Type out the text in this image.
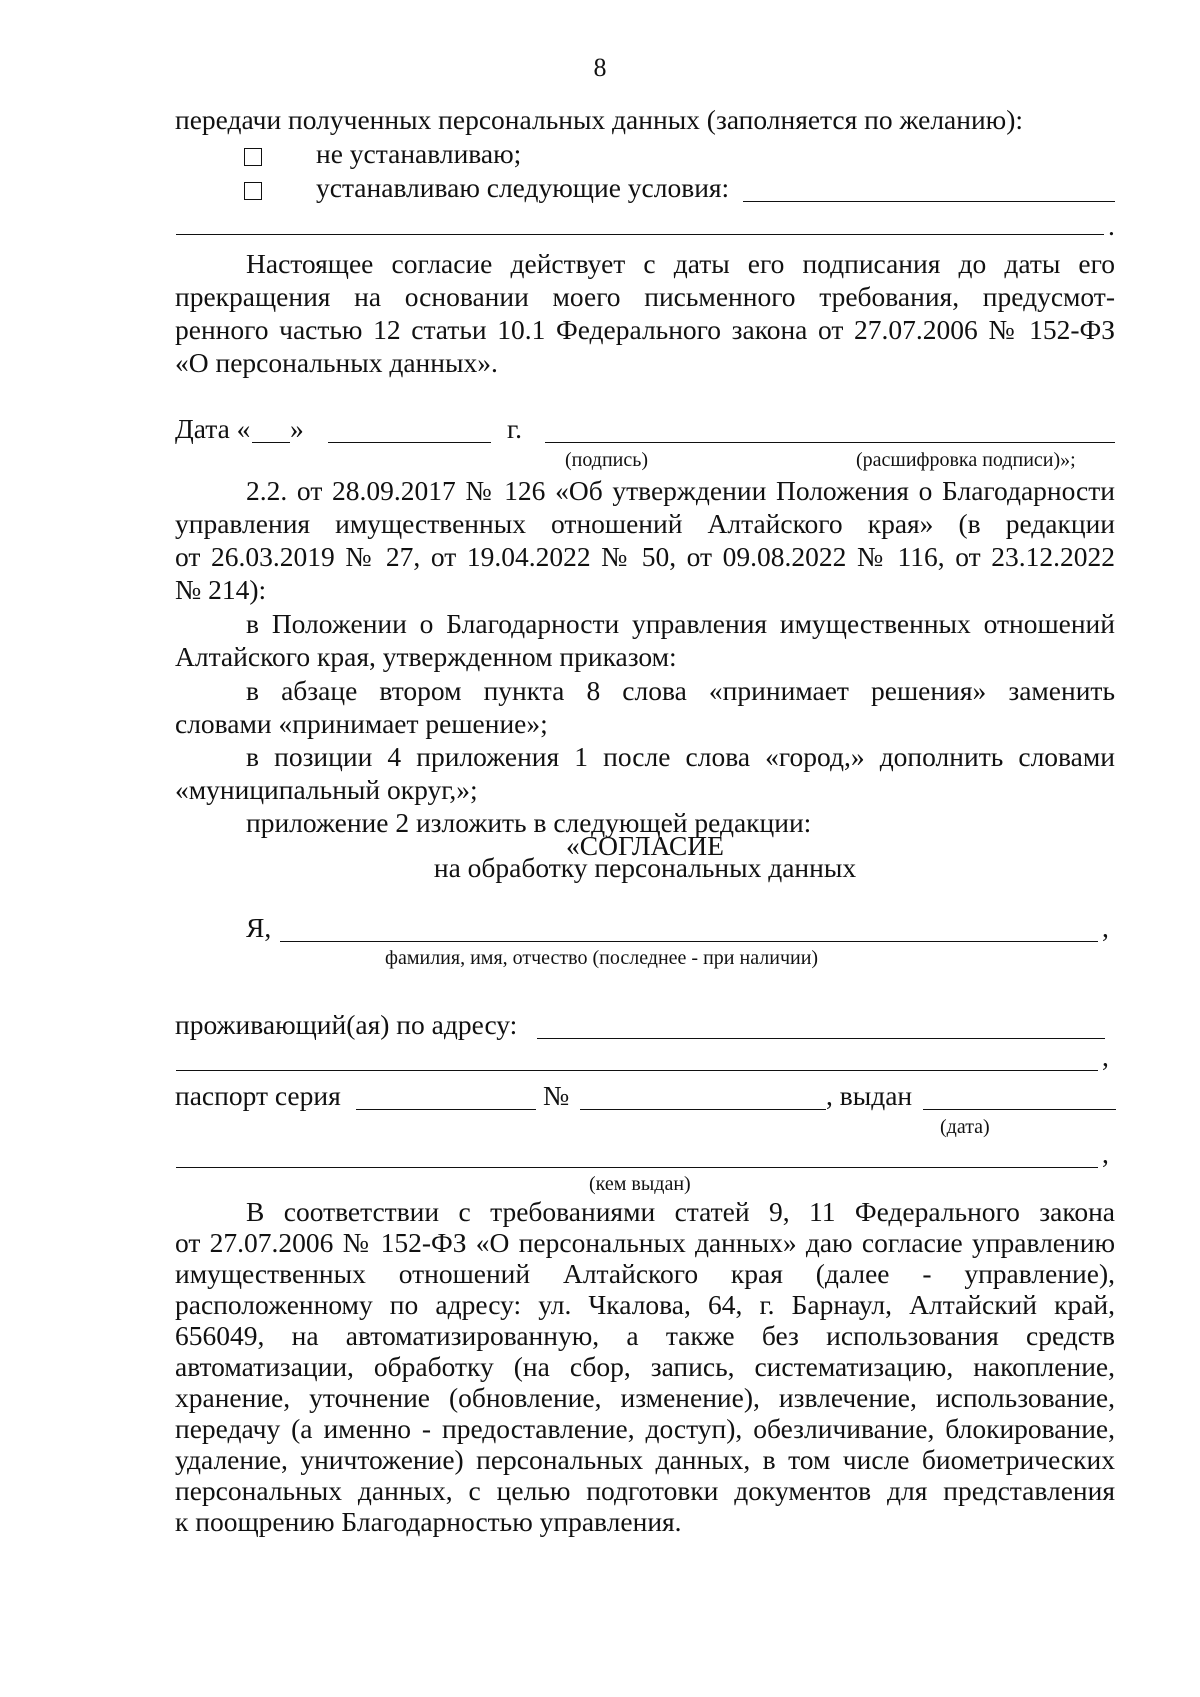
8
передачи полученных персональных данных (заполняется по желанию):
не устанавливаю;
устанавливаю следующие условия:
.
Настоящее согласие действует с даты его подписания до даты его
прекращения на основании моего письменного требования, предусмот-
ренного частью 12 статьи 10.1 Федерального закона от 27.07.2006 № 152-ФЗ
«О персональных данных».
Дата « »	г.
(подпись)	(расшифровка подписи)»;
2.2. от 28.09.2017 № 126 «Об утверждении Положения о Благодарности
управления имущественных отношений Алтайского края» (в редакции
от 26.03.2019 № 27, от 19.04.2022 № 50, от 09.08.2022 № 116, от 23.12.2022
№ 214):
в Положении о Благодарности управления имущественных отношений
Алтайского края, утвержденном приказом:
в абзаце втором пункта 8 слова «принимает решения» заменить
словами «принимает решение»;
в позиции 4 приложения 1 после слова «город,» дополнить словами
«муниципальный округ,»;
приложение 2 изложить в следующей редакции:
«СОГЛАСИЕ
на обработку персональных данных
Я,	,
фамилия, имя, отчество (последнее - при наличии)
проживающий(ая) по адресу:
,
паспорт серия	№	, выдан
(дата)
,
(кем выдан)
В соответствии с требованиями статей 9, 11 Федерального закона
от 27.07.2006 № 152-ФЗ «О персональных данных» даю согласие управлению
имущественных отношений Алтайского края (далее - управление),
расположенному по адресу: ул. Чкалова, 64, г. Барнаул, Алтайский край,
656049, на автоматизированную, а также без использования средств
автоматизации, обработку (на сбор, запись, систематизацию, накопление,
хранение, уточнение (обновление, изменение), извлечение, использование,
передачу (а именно - предоставление, доступ), обезличивание, блокирование,
удаление, уничтожение) персональных данных, в том числе биометрических
персональных данных, с целью подготовки документов для представления
к поощрению Благодарностью управления.
